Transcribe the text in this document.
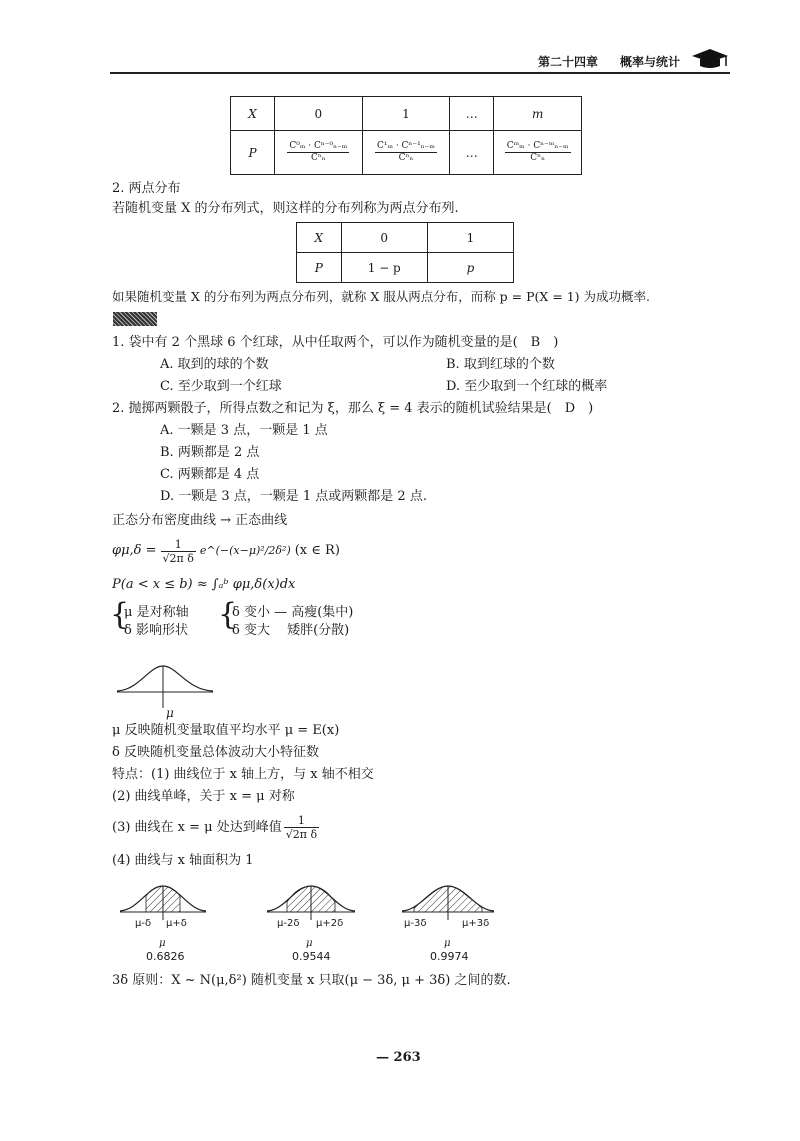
第二十四章 概率与统计
X	0	1	…	m
P	$\frac{\text{C⁰ₘ · Cⁿ⁻⁰ₙ₋ₘ}}{\text{Cⁿₙ}}$	$\frac{\text{C¹ₘ · Cⁿ⁻¹ₙ₋ₘ}}{\text{Cⁿₙ}}$	…	$\frac{\text{Cᵐₘ · Cⁿ⁻ᵐₙ₋ₘ}}{\text{Cⁿₙ}}$
2. 两点分布
若随机变量 X 的分布列式，则这样的分布列称为两点分布列.
X	0	1
P	1 − p	p
如果随机变量 X 的分布列为两点分布列，就称 X 服从两点分布，而称 p = P(X = 1) 为成功概率.
1. 袋中有 2 个黑球 6 个红球，从中任取两个，可以作为随机变量的是(　B　)
A. 取到的球的个数	B. 取到红球的个数
C. 至少取到一个红球	D. 至少取到一个红球的概率
2. 抛掷两颗骰子，所得点数之和记为 ξ，那么 ξ = 4 表示的随机试验结果是(　D　)
A. 一颗是 3 点，一颗是 1 点
B. 两颗都是 2 点
C. 两颗都是 4 点
D. 一颗是 3 点，一颗是 1 点或两颗都是 2 点.
正态分布密度曲线 → 正态曲线
$\varphi\mu,\delta = \frac{1}{\text{√2π δ}}$ e^(−(x−μ)²/2δ²) (x ∈ R)
P(a < x ≤ b) ≈ ∫ₐᵇ φμ,δ(x)dx
{
μ 是对称轴
δ 影响形状 {
δ 变小 — 高瘦(集中)
δ 变大　 矮胖(分散)
μ
μ 反映随机变量取值平均水平 μ = E(x)
δ 反映随机变量总体波动大小特征数
特点：(1) 曲线位于 x 轴上方，与 x 轴不相交
(2) 曲线单峰，关于 x = μ 对称
(3) 曲线在 x = μ 处达到峰值 $\frac{1}{\text{√2π δ}}$
(4) 曲线与 x 轴面积为 1
μ-δ μ+δ
μ
0.6826
μ-2δ μ+2δ
μ
0.9544
μ-3δ	μ+3δ
μ
0.9974
3δ 原则：X ~ N(μ,δ²) 随机变量 x 只取(μ − 3δ, μ + 3δ) 之间的数.
— 263
